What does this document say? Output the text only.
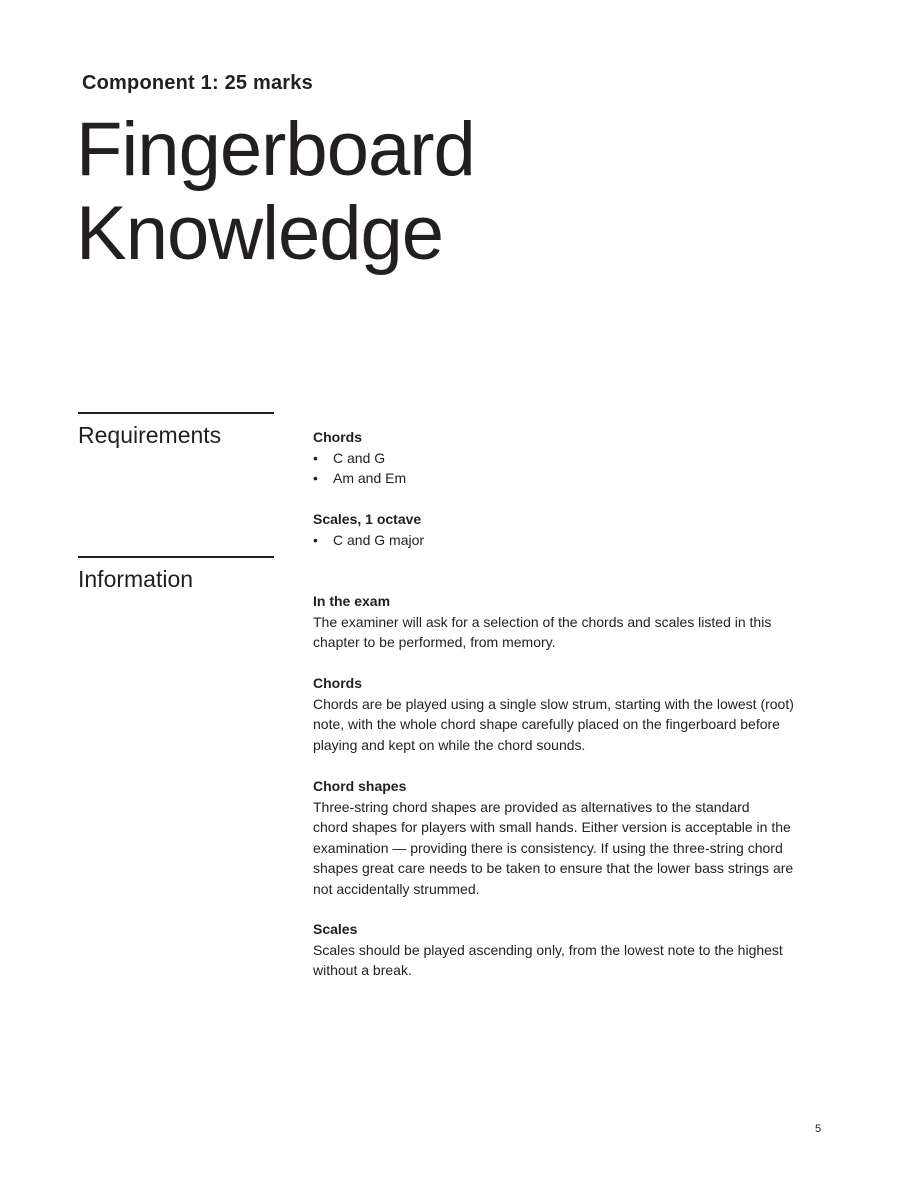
Component 1: 25 marks
Fingerboard
Knowledge
Requirements
Information
Chords
• C and G
• Am and Em
Scales, 1 octave
• C and G major
In the exam

The examiner will ask for a selection of the chords and scales listed in this
chapter to be performed, from memory.

Chords

Chords are be played using a single slow strum, starting with the lowest (root)
note, with the whole chord shape carefully placed on the fingerboard before
playing and kept on while the chord sounds.

Chord shapes

Three-string chord shapes are provided as alternatives to the standard
chord shapes for players with small hands. Either version is acceptable in the
examination — providing there is consistency. If using the three-string chord
shapes great care needs to be taken to ensure that the lower bass strings are
not accidentally strummed.

Scales

Scales should be played ascending only, from the lowest note to the highest
without a break.

5
